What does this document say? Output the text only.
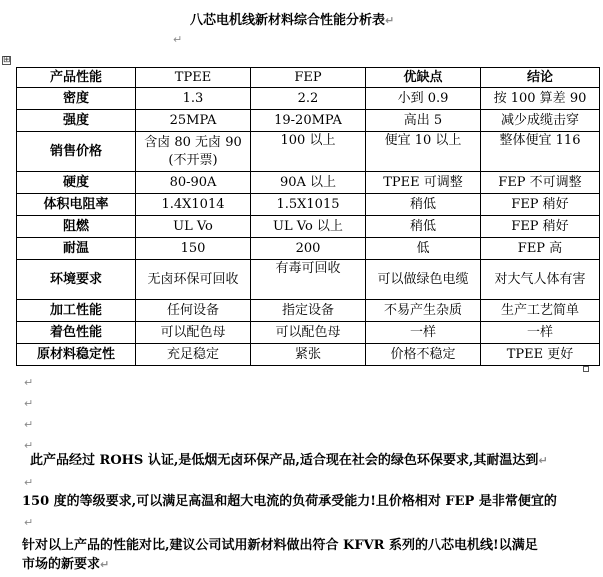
八芯电机线新材料综合性能分析表↵
↵
⊞
产品性能	TPEE	FEP	优缺点	结论
密度	1.3	2.2	小到 0.9	按 100 算差 90
强度	25MPA	19-20MPA	高出 5	减少成缆击穿
销售价格	含卤 80 无卤 90(不开票)	100 以上	便宜 10 以上	整体便宜 116
硬度	80-90A	90A 以上	TPEE 可调整	FEP 不可调整
体积电阻率	1.4X1014	1.5X1015	稍低	FEP 稍好
阻燃	UL Vo	UL Vo 以上	稍低	FEP 稍好
耐温	150	200	低	FEP 高
环境要求	无卤环保可回收	有毒可回收	可以做绿色电缆	对大气人体有害
加工性能	任何设备	指定设备	不易产生杂质	生产工艺简单
着色性能	可以配色母	可以配色母	一样	一样
原材料稳定性	充足稳定	紧张	价格不稳定	TPEE 更好
↵
↵
↵
↵
此产品经过 ROHS 认证,是低烟无卤环保产品,适合现在社会的绿色环保要求,其耐温达到↵
↵
150 度的等级要求,可以满足高温和超大电流的负荷承受能力!且价格相对 FEP 是非常便宜的
↵
针对以上产品的性能对比,建议公司试用新材料做出符合 KFVR 系列的八芯电机线!以满足
市场的新要求↵
